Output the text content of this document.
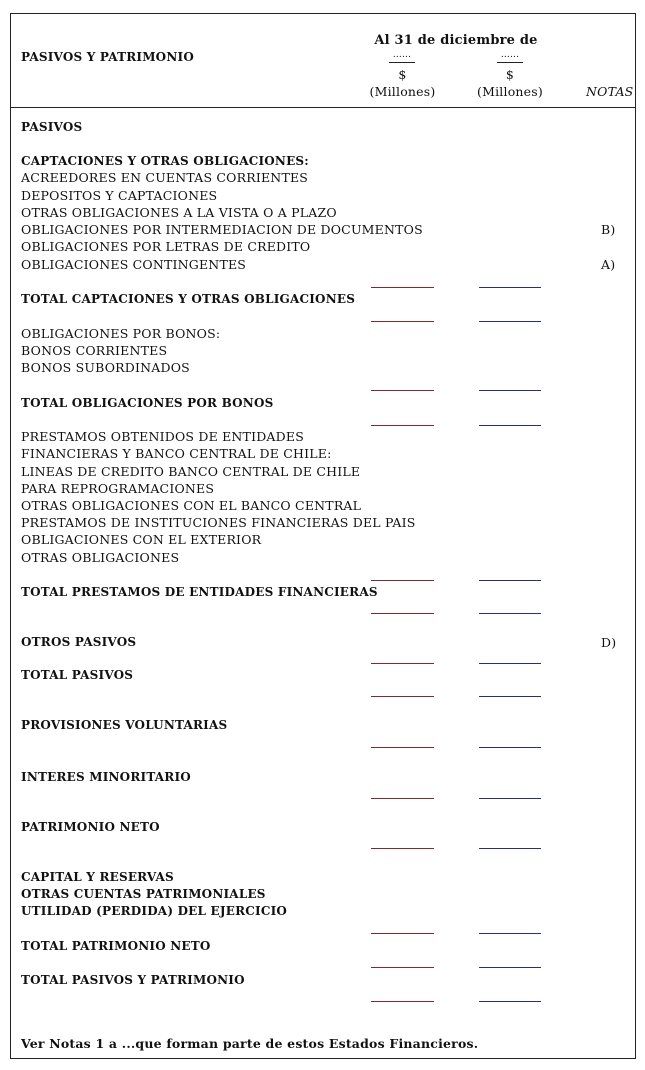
PASIVOS Y PATRIMONIO
Al 31 de diciembre de
......	......
$	$
(Millones)	(Millones)	NOTAS
PASIVOS
CAPTACIONES Y OTRAS OBLIGACIONES:
ACREEDORES EN CUENTAS CORRIENTES
DEPOSITOS Y CAPTACIONES
OTRAS OBLIGACIONES A LA VISTA O A PLAZO
OBLIGACIONES POR INTERMEDIACION DE DOCUMENTOS	B)
OBLIGACIONES POR LETRAS DE CREDITO
OBLIGACIONES CONTINGENTES	A)
TOTAL CAPTACIONES Y OTRAS OBLIGACIONES
OBLIGACIONES POR BONOS:
BONOS CORRIENTES
BONOS SUBORDINADOS
TOTAL OBLIGACIONES POR BONOS
PRESTAMOS OBTENIDOS DE ENTIDADES
FINANCIERAS Y BANCO CENTRAL DE CHILE:
LINEAS DE CREDITO BANCO CENTRAL DE CHILE
PARA REPROGRAMACIONES
OTRAS OBLIGACIONES CON EL BANCO CENTRAL
PRESTAMOS DE INSTITUCIONES FINANCIERAS DEL PAIS
OBLIGACIONES CON EL EXTERIOR
OTRAS OBLIGACIONES
TOTAL PRESTAMOS DE ENTIDADES FINANCIERAS
OTROS PASIVOS	D)
TOTAL PASIVOS
PROVISIONES VOLUNTARIAS
INTERES MINORITARIO
PATRIMONIO NETO
CAPITAL Y RESERVAS
OTRAS CUENTAS PATRIMONIALES
UTILIDAD (PERDIDA) DEL EJERCICIO
TOTAL PATRIMONIO NETO
TOTAL PASIVOS Y PATRIMONIO
Ver Notas 1 a ...que forman parte de estos Estados Financieros.
